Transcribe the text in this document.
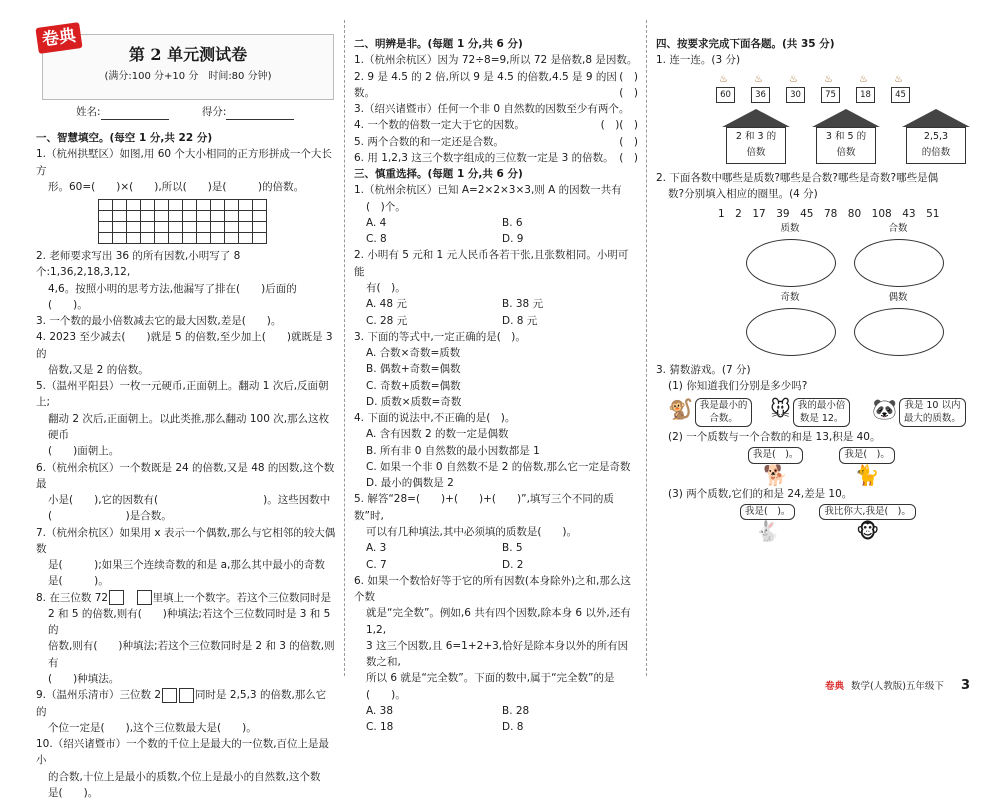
卷典
第 2 单元测试卷
(满分:100 分+10 分　时间:80 分钟)
姓名:	得分:

一、智慧填空。(每空 1 分,共 22 分)

1.（杭州拱墅区）如图,用 60 个大小相同的正方形拼成一个大长方

形。60=(　　)×(　　),所以(　　)是(　　　)的倍数。

2. 老师要求写出 36 的所有因数,小明写了 8 个:1,36,2,18,3,12,

4,6。按照小明的思考方法,他漏写了排在(　　)后面的(　　)。

3. 一个数的最小倍数减去它的最大因数,差是(　　)。

4. 2023 至少减去(　　)就是 5 的倍数,至少加上(　　)就既是 3 的

倍数,又是 2 的倍数。

5.（温州平阳县）一枚一元硬币,正面朝上。翻动 1 次后,反面朝上;

翻动 2 次后,正面朝上。以此类推,那么翻动 100 次,那么这枚硬币

(　　)面朝上。

6.（杭州余杭区）一个数既是 24 的倍数,又是 48 的因数,这个数最

小是(　　),它的因数有(　　　　　　　　　　)。这些因数中

(　　　　　　　)是合数。

7.（杭州余杭区）如果用 x 表示一个偶数,那么与它相邻的较大偶数

是(　　　);如果三个连续奇数的和是 a,那么其中最小的奇数

是(　　　)。

8. 在三位数 72　	里填上一个数字。若这个三位数同时是

2 和 5 的倍数,则有(　　)种填法;若这个三位数同时是 3 和 5 的

倍数,则有(　　)种填法;若这个三位数同时是 2 和 3 的倍数,则有

(　　)种填法。

9.（温州乐清市）三位数 2	同时是 2,5,3 的倍数,那么它的

个位一定是(　　),这个三位数最大是(　　)。

10.（绍兴诸暨市）一个数的千位上是最大的一位数,百位上是最小

的合数,十位上是最小的质数,个位上是最小的自然数,这个数

是(　　)。

二、明辨是非。(每题 1 分,共 6 分)

1.（杭州余杭区）因为 72÷8=9,所以 72 是倍数,8 是因数。
(　)

2. 9 是 4.5 的 2 倍,所以 9 是 4.5 的倍数,4.5 是 9 的因数。	(　)

3.（绍兴诸暨市）任何一个非 0 自然数的因数至少有两个。
(　)

4. 一个数的倍数一定大于它的因数。	(　)

5. 两个合数的和一定还是合数。	(　)

6. 用 1,2,3 这三个数字组成的三位数一定是 3 的倍数。 (　)

三、慎重选择。(每题 1 分,共 6 分)

1.（杭州余杭区）已知 A=2×2×3×3,则 A 的因数一共有

(　)个。

A. 4	B. 6
C. 8	D. 9

2. 小明有 5 元和 1 元人民币各若干张,且张数相同。小明可能

有(　)。

A. 48 元	B. 38 元
C. 28 元	D. 8 元

3. 下面的等式中,一定正确的是(　)。

A. 合数×奇数=质数

B. 偶数+奇数=偶数

C. 奇数+质数=偶数

D. 质数×质数=奇数

4. 下面的说法中,不正确的是(　)。

A. 含有因数 2 的数一定是偶数

B. 所有非 0 自然数的最小因数都是 1

C. 如果一个非 0 自然数不是 2 的倍数,那么它一定是奇数

D. 最小的偶数是 2

5. 解答“28=(　　)+(　　)+(　　)”,填写三个不同的质数”时,

可以有几种填法,其中必须填的质数是(　　)。

A. 3	B. 5
C. 7	D. 2

6. 如果一个数恰好等于它的所有因数(本身除外)之和,那么这个数

就是“完全数”。例如,6 共有四个因数,除本身 6 以外,还有 1,2,

3 这三个因数,且 6=1+2+3,恰好是除本身以外的所有因数之和,

所以 6 就是“完全数”。下面的数中,属于“完全数”的是(　　)。

A. 38	B. 28
C. 18	D. 8

四、按要求完成下面各题。(共 35 分)

1. 连一连。(3 分)

♨
60
♨
36
♨
30
♨
75
♨
18
♨
45
2 和 3 的
倍数
3 和 5 的
倍数
2,5,3
的倍数

2. 下面各数中哪些是质数?哪些是合数?哪些是奇数?哪些是偶

数?分别填入相应的圈里。(4 分)

1　2　17　39　45　78　80　108　43　51

质数	合数
奇数	偶数

3. 猜数游戏。(7 分)

(1) 你知道我们分别是多少吗?

🐒 我是最小的
合数。	🐭 我的最小倍
数是 12。	🐼 我是 10 以内
最大的质数。

(2) 一个质数与一个合数的和是 13,积是 40。

我是(　)。
🐕
我是(　)。
🐈

(3) 两个质数,它们的和是 24,差是 10。

我是(　)。
🐇
我比你大,我是(　)。
🐵
卷典 数学(人教版)五年级下 3
